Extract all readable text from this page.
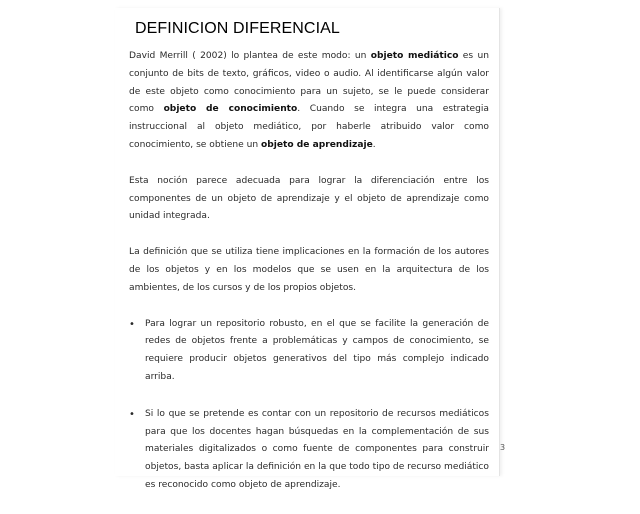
DEFINICION DIFERENCIAL

David Merrill ( 2002) lo plantea de este modo: un objeto mediático es un conjunto de bits de texto, gráficos, video o audio. Al identificarse algún valor de este objeto como conocimiento para un sujeto, se le puede considerar como objeto de conocimiento. Cuando se integra una estrategia instruccional al objeto mediático, por haberle atribuido valor como conocimiento, se obtiene un objeto de aprendizaje.

Esta noción parece adecuada para lograr la diferenciación entre los componentes de un objeto de aprendizaje y el objeto de aprendizaje como unidad integrada.

La definición que se utiliza tiene implicaciones en la formación de los autores de los objetos y en los modelos que se usen en la arquitectura de los ambientes, de los cursos y de los propios objetos.

• Para lograr un repositorio robusto, en el que se facilite la generación de redes de objetos frente a problemáticas y campos de conocimiento, se requiere producir objetos generativos del tipo más complejo indicado arriba.
• Si lo que se pretende es contar con un repositorio de recursos mediáticos para que los docentes hagan búsquedas en la complementación de sus materiales digitalizados o como fuente de componentes para construir objetos, basta aplicar la definición en la que todo tipo de recurso mediático es reconocido como objeto de aprendizaje.
3
